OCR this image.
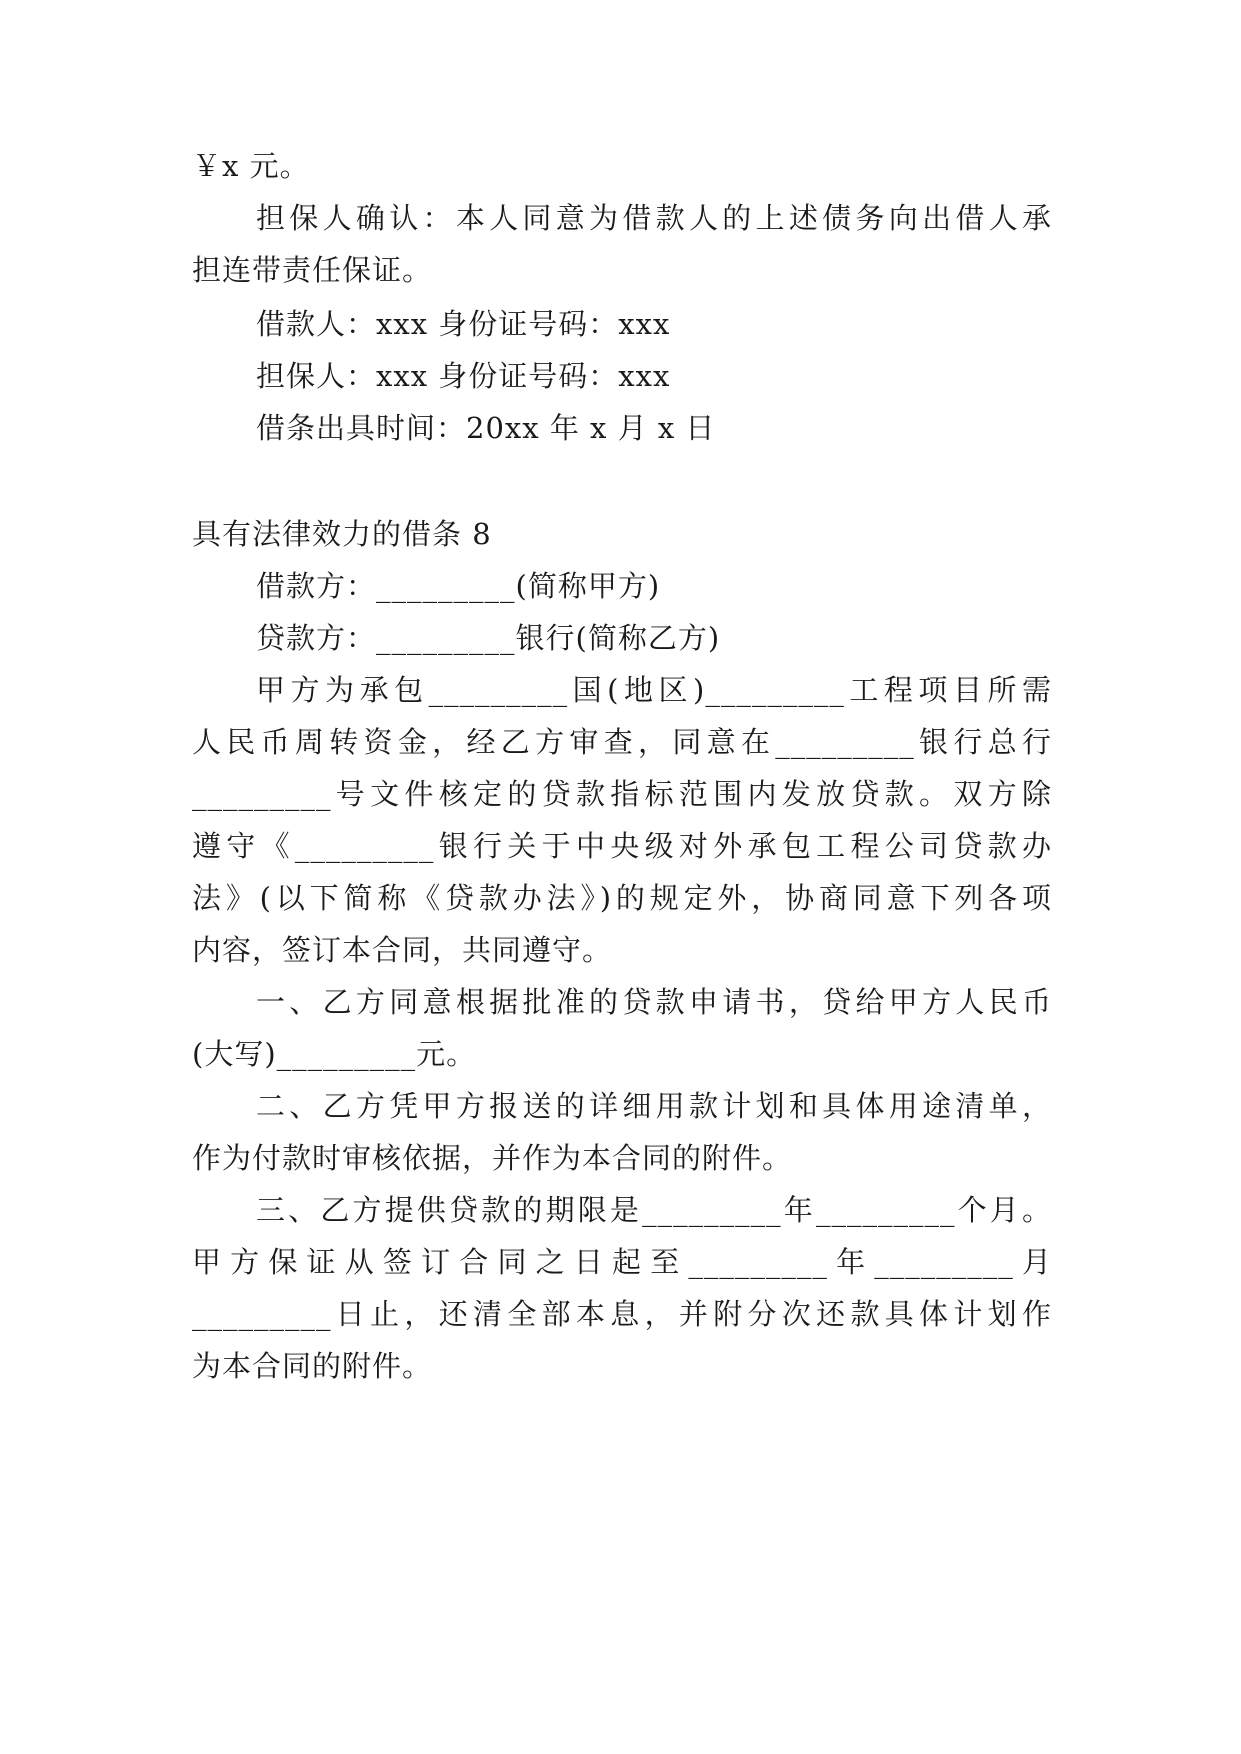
￥x 元。
担保人确认：本人同意为借款人的上述债务向出借人承
担连带责任保证。
借款人：xxx 身份证号码：xxx
担保人：xxx 身份证号码：xxx
借条出具时间：20xx 年 x 月 x 日
具有法律效力的借条 8
借款方：_________(简称甲方)
贷款方：_________银行(简称乙方)
甲方为承包_________国(地区)_________工程项目所需
人民币周转资金，经乙方审查，同意在_________银行总行
_________号文件核定的贷款指标范围内发放贷款。双方除
遵守《_________银行关于中央级对外承包工程公司贷款办
法》(以下简称《贷款办法》)的规定外，协商同意下列各项
内容，签订本合同，共同遵守。
一、乙方同意根据批准的贷款申请书，贷给甲方人民币
(大写)_________元。
二、乙方凭甲方报送的详细用款计划和具体用途清单，
作为付款时审核依据，并作为本合同的附件。
三、乙方提供贷款的期限是_________年_________个月。
甲方保证从签订合同之日起至_________年_________月
_________日止，还清全部本息，并附分次还款具体计划作
为本合同的附件。
